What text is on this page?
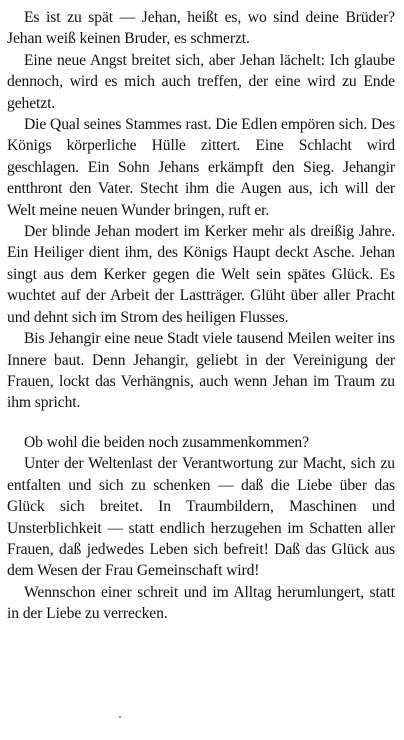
Es ist zu spät — Jehan, heißt es, wo sind deine Brüder? Jehan weiß keinen Bruder, es schmerzt.

Eine neue Angst breitet sich, aber Jehan lächelt: Ich glaube dennoch, wird es mich auch treffen, der eine wird zu Ende gehetzt.

Die Qual seines Stammes rast. Die Edlen empören sich. Des Königs körperliche Hülle zittert. Eine Schlacht wird geschlagen. Ein Sohn Jehans erkämpft den Sieg. Jehangir entthront den Vater. Stecht ihm die Augen aus, ich will der Welt meine neuen Wunder bringen, ruft er.

Der blinde Jehan modert im Kerker mehr als dreißig Jahre. Ein Heiliger dient ihm, des Königs Haupt deckt Asche. Jehan singt aus dem Kerker gegen die Welt sein spätes Glück. Es wuchtet auf der Arbeit der Lastträger. Glüht über aller Pracht und dehnt sich im Strom des heiligen Flusses.

Bis Jehangir eine neue Stadt viele tausend Meilen weiter ins Innere baut. Denn Jehangir, geliebt in der Vereinigung der Frauen, lockt das Verhängnis, auch wenn Jehan im Traum zu ihm spricht.

Ob wohl die beiden noch zusammenkommen?

Unter der Weltenlast der Verantwortung zur Macht, sich zu entfalten und sich zu schenken — daß die Liebe über das Glück sich breitet. In Traumbildern, Maschinen und Unsterblichkeit — statt endlich herzugehen im Schatten aller Frauen, daß jedwedes Leben sich befreit! Daß das Glück aus dem Wesen der Frau Gemeinschaft wird!

Wennschon einer schreit und im Alltag herumlungert, statt in der Liebe zu verrecken.
